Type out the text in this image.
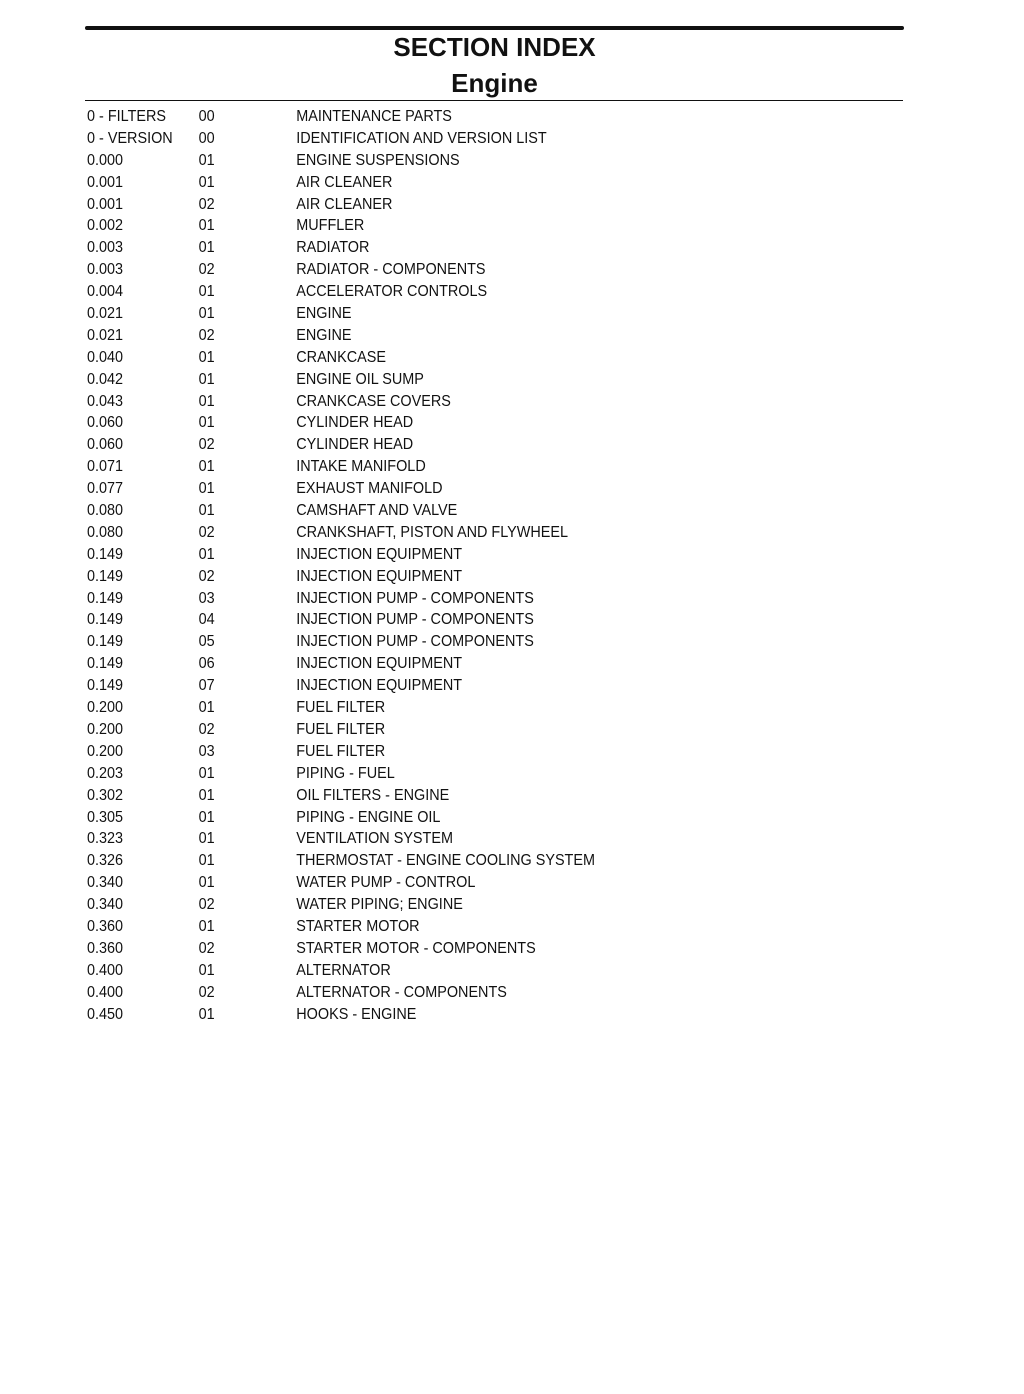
SECTION INDEX
Engine
0 - FILTERS 00	MAINTENANCE PARTS
0 - VERSION 00	IDENTIFICATION AND VERSION LIST
0.000	01	ENGINE SUSPENSIONS
0.001	01	AIR CLEANER
0.001	02	AIR CLEANER
0.002	01	MUFFLER
0.003	01	RADIATOR
0.003	02	RADIATOR - COMPONENTS
0.004	01	ACCELERATOR CONTROLS
0.021	01	ENGINE
0.021	02	ENGINE
0.040	01	CRANKCASE
0.042	01	ENGINE OIL SUMP
0.043	01	CRANKCASE COVERS
0.060	01	CYLINDER HEAD
0.060	02	CYLINDER HEAD
0.071	01	INTAKE MANIFOLD
0.077	01	EXHAUST MANIFOLD
0.080	01	CAMSHAFT AND VALVE
0.080	02	CRANKSHAFT, PISTON AND FLYWHEEL
0.149	01	INJECTION EQUIPMENT
0.149	02	INJECTION EQUIPMENT
0.149	03	INJECTION PUMP - COMPONENTS
0.149	04	INJECTION PUMP - COMPONENTS
0.149	05	INJECTION PUMP - COMPONENTS
0.149	06	INJECTION EQUIPMENT
0.149	07	INJECTION EQUIPMENT
0.200	01	FUEL FILTER
0.200	02	FUEL FILTER
0.200	03	FUEL FILTER
0.203	01	PIPING - FUEL
0.302	01	OIL FILTERS - ENGINE
0.305	01	PIPING - ENGINE OIL
0.323	01	VENTILATION SYSTEM
0.326	01	THERMOSTAT - ENGINE COOLING SYSTEM
0.340	01	WATER PUMP - CONTROL
0.340	02	WATER PIPING; ENGINE
0.360	01	STARTER MOTOR
0.360	02	STARTER MOTOR - COMPONENTS
0.400	01	ALTERNATOR
0.400	02	ALTERNATOR - COMPONENTS
0.450	01	HOOKS - ENGINE
